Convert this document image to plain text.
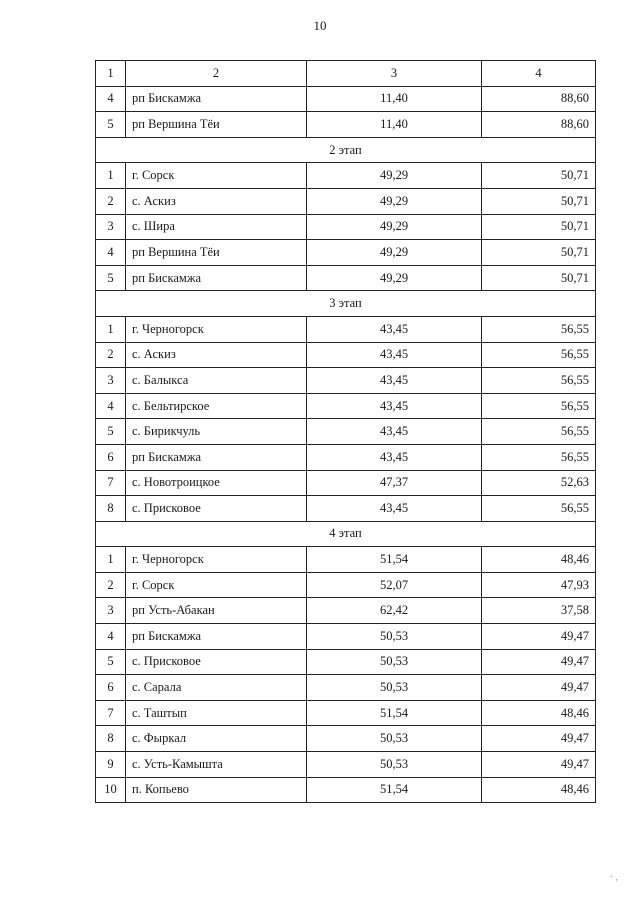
10
1	2	3	4
4	рп Бискамжа	11,40	88,60
5	рп Вершина Тёи	11,40	88,60
2 этап			
1	г. Сорск	49,29	50,71
2	с. Аскиз	49,29	50,71
3	с. Шира	49,29	50,71
4	рп Вершина Тёи	49,29	50,71
5	рп Бискамжа	49,29	50,71
3 этап			
1	г. Черногорск	43,45	56,55
2	с. Аскиз	43,45	56,55
3	с. Балыкса	43,45	56,55
4	с. Бельтирское	43,45	56,55
5	с. Бирикчуль	43,45	56,55
6	рп Бискамжа	43,45	56,55
7	с. Новотроицкое	47,37	52,63
8	с. Присковое	43,45	56,55
4 этап			
1	г. Черногорск	51,54	48,46
2	г. Сорск	52,07	47,93
3	рп Усть-Абакан	62,42	37,58
4	рп Бискамжа	50,53	49,47
5	с. Присковое	50,53	49,47
6	с. Сарала	50,53	49,47
7	с. Таштып	51,54	48,46
8	с. Фыркал	50,53	49,47
9	с. Усть-Камышта	50,53	49,47
10	п. Копьево	51,54	48,46
· ,
